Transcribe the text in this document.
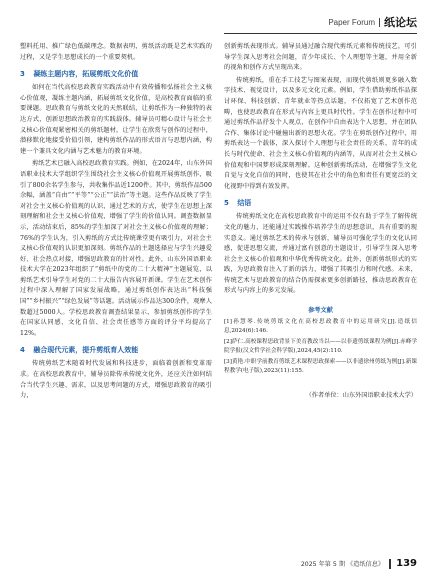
Paper Forum 纸论坛

塑料托用、推广绿色低碳理念。数据表明，剪纸活动既是艺术实践的过程，又是学生思想成长的一个重要契机。

3 凝练主题内容，拓展剪纸文化价值

如何在当代高校思政教育实践活动中有效传播和弘扬社会主义核心价值观，凝练主题内涵，拓展剪纸文化价值，是高校教育面临的重要课题。思政教育与剪纸文化的天然联结，让剪纸作为一种独特的表达方式，创新思想政治教育的实践载体。辅导员可精心设计与社会主义核心价值观紧密相关的剪纸题材，让学生在欣赏与创作的过程中，潜移默化地接受价值引领，建构剪纸作品的形式语言与思想内涵，构建一个兼具文化内涵与艺术魅力的教育环境。

剪纸艺术已融入高校思政教育实践。例如，在2024年，山东外国语职业技术大学组织学生围绕社会主义核心价值观开展剪纸创作，吸引了800余名学生参与，共收集作品近1200件。其中，剪纸作品500余幅，涵盖“自由”“平等”“公正”“法治”等主题。这些作品反映了学生对社会主义核心价值观的认识，通过艺术的方式，使学生在思想上深刻理解和社会主义核心价值观，增强了学生的价值认同。调查数据显示，活动结束后，85%的学生加深了对社会主义核心价值观的理解；76%的学生认为，引入剪纸的方式比传统课堂更有吸引力，对社会主义核心价值观的认识更加深刻。剪纸作品的主题选择应与学生兴趣爱好、社会热点对接，增强思政教育的针对性。此外，山东外国语职业技术大学在2023年组织了“剪纸中的党的二十大精神”主题展览，以剪纸艺术引导学生对党的二十大报告内容展开新课。学生在艺术创作过程中深入理解了国家发展战略，通过剪纸创作表达出“科技强国”“乡村振兴”“绿色发展”等话题。活动展示作品达300余件，观摩人数超过5000人。学校思政教育调查结果显示，参加剪纸创作的学生在国家认同感、文化自信、社会责任感等方面的评分平均提高了12%。

4 融合现代元素，提升剪纸育人效能

传统剪纸艺术随着时代发展和科技进步，面临着创新和变革需求。在高校思政教育中，辅导员除传承传统文化外，还应关注如何结合当代学生兴趣、需求，以及思考问题的方式，增强思政教育的吸引力，

创新剪纸表现形式。辅导员通过融合现代剪纸元素和传统技艺，可引导学生深入思考社会问题，青少年成长、个人理想等主题，并用全新的视角和创作方式呈现出来。

传统剪纸，重在手工技艺与图案表现，而现代剪纸则更多融入数字技术、视觉设计，以及多元文化元素。例如，学生借助剪纸作品探讨环保、科技创新、青年就业等热点话题，不仅拓宽了艺术创作范畴，也使思政教育在形式与内容上更具时代性。学生在创作过程中可通过剪纸作品抒发个人观点，在创作中自由表达个人思想，并在团队合作、集体讨论中碰撞出新的思想火花。学生在剪纸创作过程中，用剪纸表达一个载体，深入探讨个人理想与社会责任的关系，青年的成长与时代使命、社会主义核心价值观的内涵等，从而对社会主义核心价值观和中国梦形成深刻理解。这种创新剪纸活动，在增强学生文化自觉与文化自信的同时，也使其在社会中的角色和责任有更宽泛的文化视野中得到有效发挥。

5 结语

传统剪纸文化在高校思政教育中的运用不仅有助于学生了解传统文化的魅力，还能通过实践操作培养学生的思想意识，具有重要的现实意义。通过剪纸艺术的传承与创新，辅导员可强化学生的文化认同感，促进思想交流，并通过富有创意的主题设计，引导学生深入思考社会主义核心价值观和中华优秀传统文化。此外，创新剪纸形式的实践，为思政教育注入了新的活力，增强了其吸引力和时代感。未来，传统艺术与思政教育的结合仍需探索更多创新路径，推动思政教育在形式与内容上的多元发展。

参考文献

[1]孙慧琴.传统剪纸文化在高校思政教育中的运用研究[J].造纸信息,2024(6):146.

[2]萨仁.高校课程思政背景下美育教改当以——以非遗剪纸课程为例[J].赤峰学院学报(汉文哲学社会科学版),2024,45(2):110.

[3]黄艳.中职学前教育剪纸艺术课程思政探索——以非遗徐州剪纸为例[J].新课程教学(电子版),2023(11):155.

（作者单位：山东外国语职业技术大学）
2025 年第 5 期 《造纸信息》 139
